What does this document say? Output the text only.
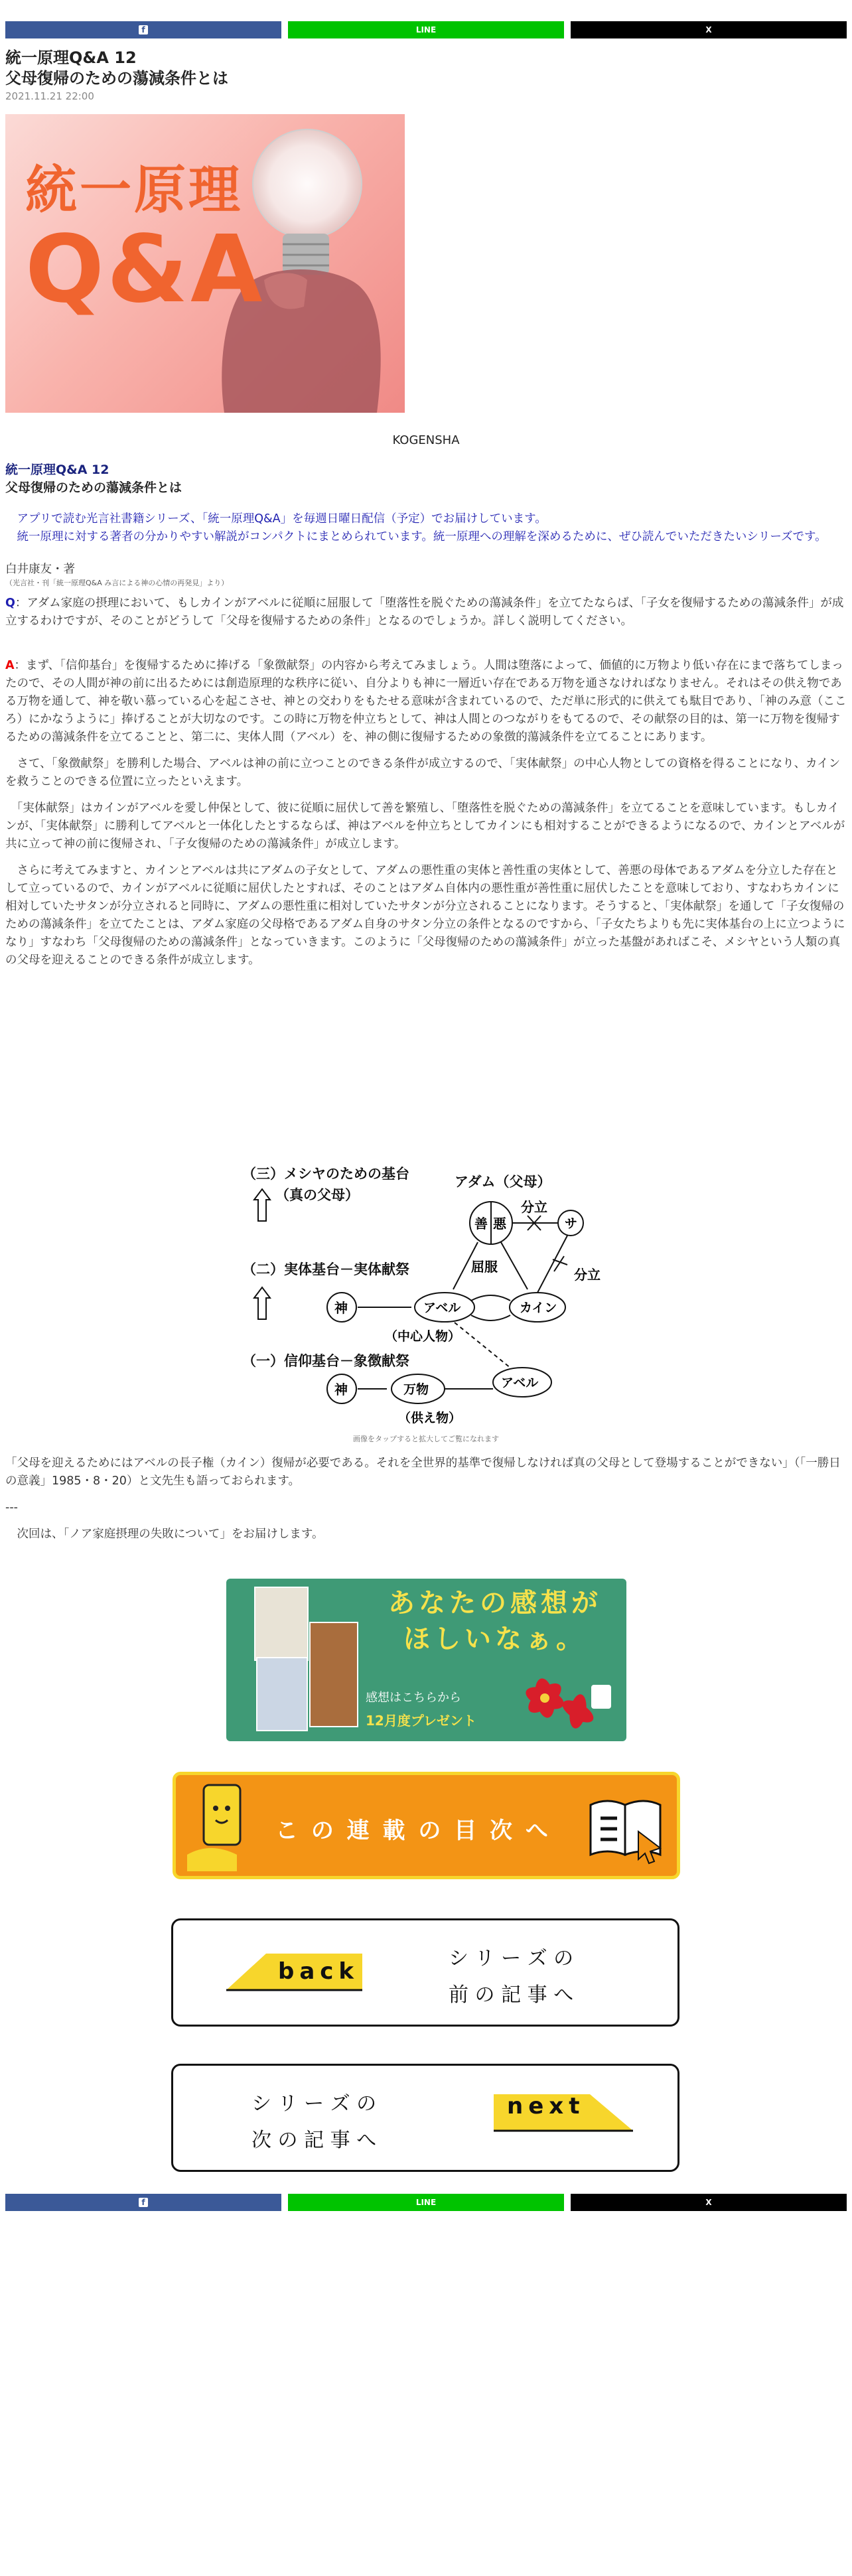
f	LINE	X

統一原理Q&A 12

父母復帰のための蕩減条件とは

2021.11.21 22:00
統一原理
Q&A
KOGENSHA
統一原理Q&A 12
父母復帰のための蕩減条件とは

　アプリで読む光言社書籍シリーズ、「統一原理Q&A」を毎週日曜日配信（予定）でお届けしています。
　統一原理に対する著者の分かりやすい解説がコンパクトにまとめられています。統一原理への理解を深めるために、ぜひ読んでいただきたいシリーズです。

白井康友・著

（光言社・刊「統一原理Q&A み言による神の心情の再発見」より）

Q：アダム家庭の摂理において、もしカインがアベルに従順に屈服して「堕落性を脱ぐための蕩減条件」を立てたならば、「子女を復帰するための蕩減条件」が成立するわけですが、そのことがどうして「父母を復帰するための条件」となるのでしょうか。詳しく説明してください。

A：まず、「信仰基台」を復帰するために捧げる「象徴献祭」の内容から考えてみましょう。人間は堕落によって、価値的に万物より低い存在にまで落ちてしまったので、その人間が神の前に出るためには創造原理的な秩序に従い、自分よりも神に一層近い存在である万物を通さなければなりません。それはその供え物である万物を通して、神を敬い慕っている心を起こさせ、神との交わりをもたせる意味が含まれているので、ただ単に形式的に供えても駄目であり、「神のみ意（こころ）にかなうように」捧げることが大切なのです。この時に万物を仲立ちとして、神は人間とのつながりをもてるので、その献祭の目的は、第一に万物を復帰するための蕩減条件を立てることと、第二に、実体人間（アベル）を、神の側に復帰するための象徴的蕩減条件を立てることにあります。

　さて、「象徴献祭」を勝利した場合、アベルは神の前に立つことのできる条件が成立するので、「実体献祭」の中心人物としての資格を得ることになり、カインを救うことのできる位置に立ったといえます。

　「実体献祭」はカインがアベルを愛し仲保として、彼に従順に屈伏して善を繁殖し、「堕落性を脱ぐための蕩減条件」を立てることを意味しています。もしカインが、「実体献祭」に勝利してアベルと一体化したとするならば、神はアベルを仲立ちとしてカインにも相対することができるようになるので、カインとアベルが共に立って神の前に復帰され、「子女復帰のための蕩減条件」が成立します。

　さらに考えてみますと、カインとアベルは共にアダムの子女として、アダムの悪性重の実体と善性重の実体として、善悪の母体であるアダムを分立した存在として立っているので、カインがアベルに従順に屈伏したとすれば、そのことはアダム自体内の悪性重が善性重に屈伏したことを意味しており、すなわちカインに相対していたサタンが分立されると同時に、アダムの悪性重に相対していたサタンが分立されることになります。そうすると、「実体献祭」を通して「子女復帰のための蕩減条件」を立てたことは、アダム家庭の父母格であるアダム自身のサタン分立の条件となるのですから、「子女たちよりも先に実体基台の上に立つようになり」すなわち「父母復帰のための蕩減条件」となっていきます。このように「父母復帰のための蕩減条件」が立った基盤があればこそ、メシヤという人類の真の父母を迎えることのできる条件が成立します。

（三）メシヤのための基台
（真の父母）
（二）実体基台－実体献祭
（一）信仰基台－象徴献祭
アダム（父母）
善 悪
分立
サ
屈服	分立
神	アベル	カイン
（中心人物）
神	万物	アベル
（供え物）
画像をタップすると拡大してご覧になれます

「父母を迎えるためにはアベルの長子権（カイン）復帰が必要である。それを全世界的基準で復帰しなければ真の父母として登場することができない」（「一勝日の意義」1985・8・20）と文先生も語っておられます。

---

　次回は、「ノア家庭摂理の失敗について」をお届けします。

あなたの感想が
ほしいなぁ。
感想はこちらから
12月度プレゼント
こ の 連 載 の 目 次 へ
back	シ リ ー ズ の
前 の 記 事 へ
シ リ ー ズ の
次 の 記 事 へ
next
f	LINE	X
